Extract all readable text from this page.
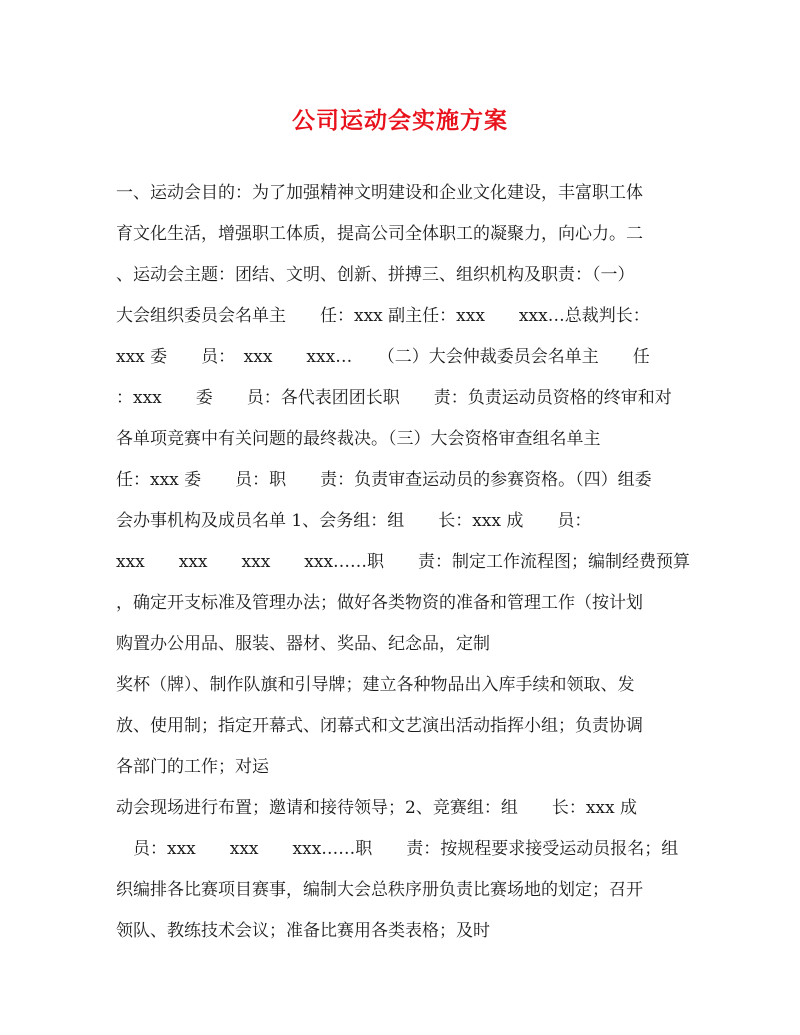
公司运动会实施方案
一、运动会目的：为了加强精神文明建设和企业文化建设，丰富职工体
育文化生活，增强职工体质，提高公司全体职工的凝聚力，向心力。二
、运动会主题：团结、文明、创新、拼搏三、组织机构及职责：（一）
大会组织委员会名单主　　任：xxx 副主任：xxx　　xxx…总裁判长：
xxx 委　　员：　xxx　　xxx…　　（二）大会仲裁委员会名单主　　任
：xxx　　委　　员：各代表团团长职　　责：负责运动员资格的终审和对
各单项竞赛中有关问题的最终裁决。（三）大会资格审查组名单主
任：xxx 委　　员：职　　责：负责审查运动员的参赛资格。（四）组委
会办事机构及成员名单 1、会务组：组　　长：xxx 成　　员：
xxx　　xxx　　xxx　　xxx……职　　责：制定工作流程图；编制经费预算
，确定开支标准及管理办法；做好各类物资的准备和管理工作（按计划
购置办公用品、服装、器材、奖品、纪念品，定制
奖杯（牌）、制作队旗和引导牌；建立各种物品出入库手续和领取、发
放、使用制；指定开幕式、闭幕式和文艺演出活动指挥小组；负责协调
各部门的工作；对运
动会现场进行布置；邀请和接待领导；2、竞赛组：组　　长：xxx 成
　员：xxx　　xxx　　xxx……职　　责：按规程要求接受运动员报名；组
织编排各比赛项目赛事，编制大会总秩序册负责比赛场地的划定；召开
领队、教练技术会议；准备比赛用各类表格；及时
